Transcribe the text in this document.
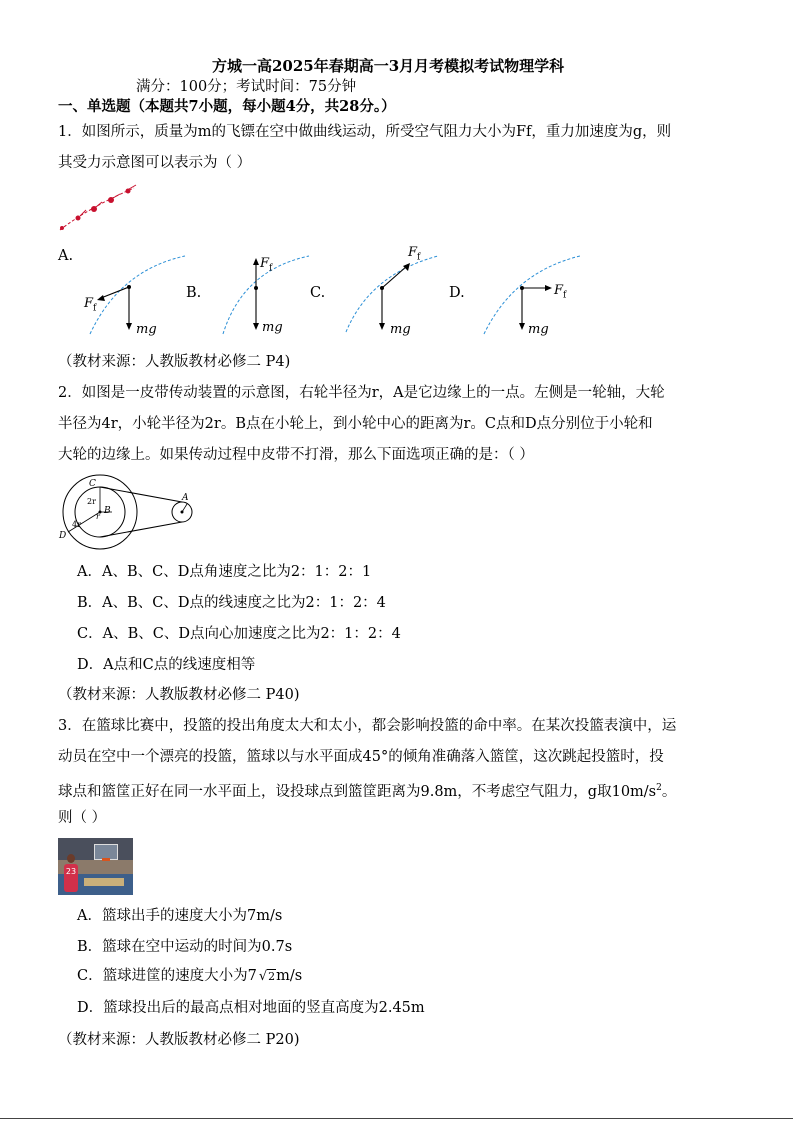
方城一高2025年春期高一3月月考模拟考试物理学科
满分：100分；考试时间：75分钟
一、单选题（本题共7小题，每小题4分，共28分。）
1．如图所示，质量为m的飞镖在空中做曲线运动，所受空气阻力大小为Ff，重力加速度为g，则
其受力示意图可以表示为（ ）
A.
B.	C.	D.
$F_f$
mg
$F_f$
mg
$F_f$
mg
$F_f$
mg
（教材来源：人教版教材必修二 P4)
2．如图是一皮带传动装置的示意图，右轮半径为r，A是它边缘上的一点。左侧是一轮轴，大轮
半径为4r，小轮半径为2r。B点在小轮上，到小轮中心的距离为r。C点和D点分别位于小轮和
大轮的边缘上。如果传动过程中皮带不打滑，那么下面选项正确的是：（ ）
C
2r
B
r
A
4r
D
A．A、B、C、D点角速度之比为2：1：2：1
B．A、B、C、D点的线速度之比为2：1：2：4
C．A、B、C、D点向心加速度之比为2：1：2：4
D．A点和C点的线速度相等
（教材来源：人教版教材必修二 P40)
3．在篮球比赛中，投篮的投出角度太大和太小，都会影响投篮的命中率。在某次投篮表演中，运
动员在空中一个漂亮的投篮，篮球以与水平面成45°的倾角准确落入篮筐，这次跳起投篮时，投
球点和篮筐正好在同一水平面上，设投球点到篮筐距离为9.8m，不考虑空气阻力，g取$10m/s^2$。
则（ ）
23
A．篮球出手的速度大小为7m/s
B．篮球在空中运动的时间为0.7s
C．篮球进筐的速度大小为7 √2m/s
D．篮球投出后的最高点相对地面的竖直高度为2.45m
（教材来源：人教版教材必修二 P20)
